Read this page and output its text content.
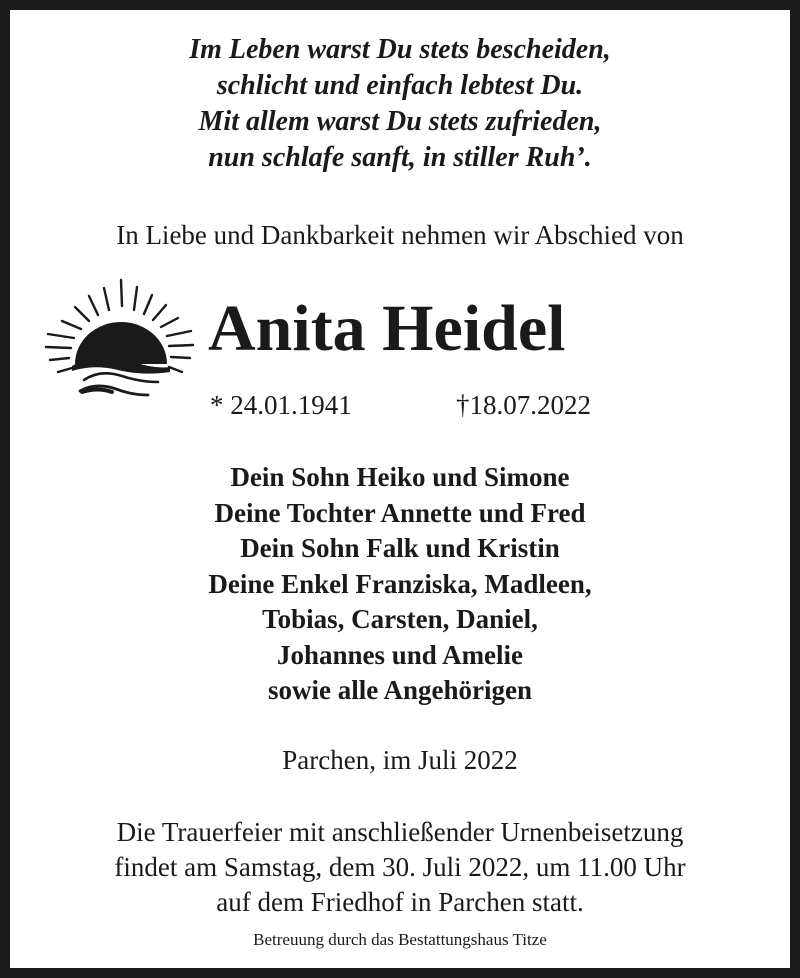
Im Leben warst Du stets bescheiden,
schlicht und einfach lebtest Du.
Mit allem warst Du stets zufrieden,
nun schlafe sanft, in stiller Ruh’.
In Liebe und Dankbarkeit nehmen wir Abschied von
Anita Heidel
* 24.01.1941	†18.07.2022
Dein Sohn Heiko und Simone
Deine Tochter Annette und Fred
Dein Sohn Falk und Kristin
Deine Enkel Franziska, Madleen,
Tobias, Carsten, Daniel,
Johannes und Amelie
sowie alle Angehörigen
Parchen, im Juli 2022
Die Trauerfeier mit anschließender Urnenbeisetzung
findet am Samstag, dem 30. Juli 2022, um 11.00 Uhr
auf dem Friedhof in Parchen statt.
Betreuung durch das Bestattungshaus Titze
